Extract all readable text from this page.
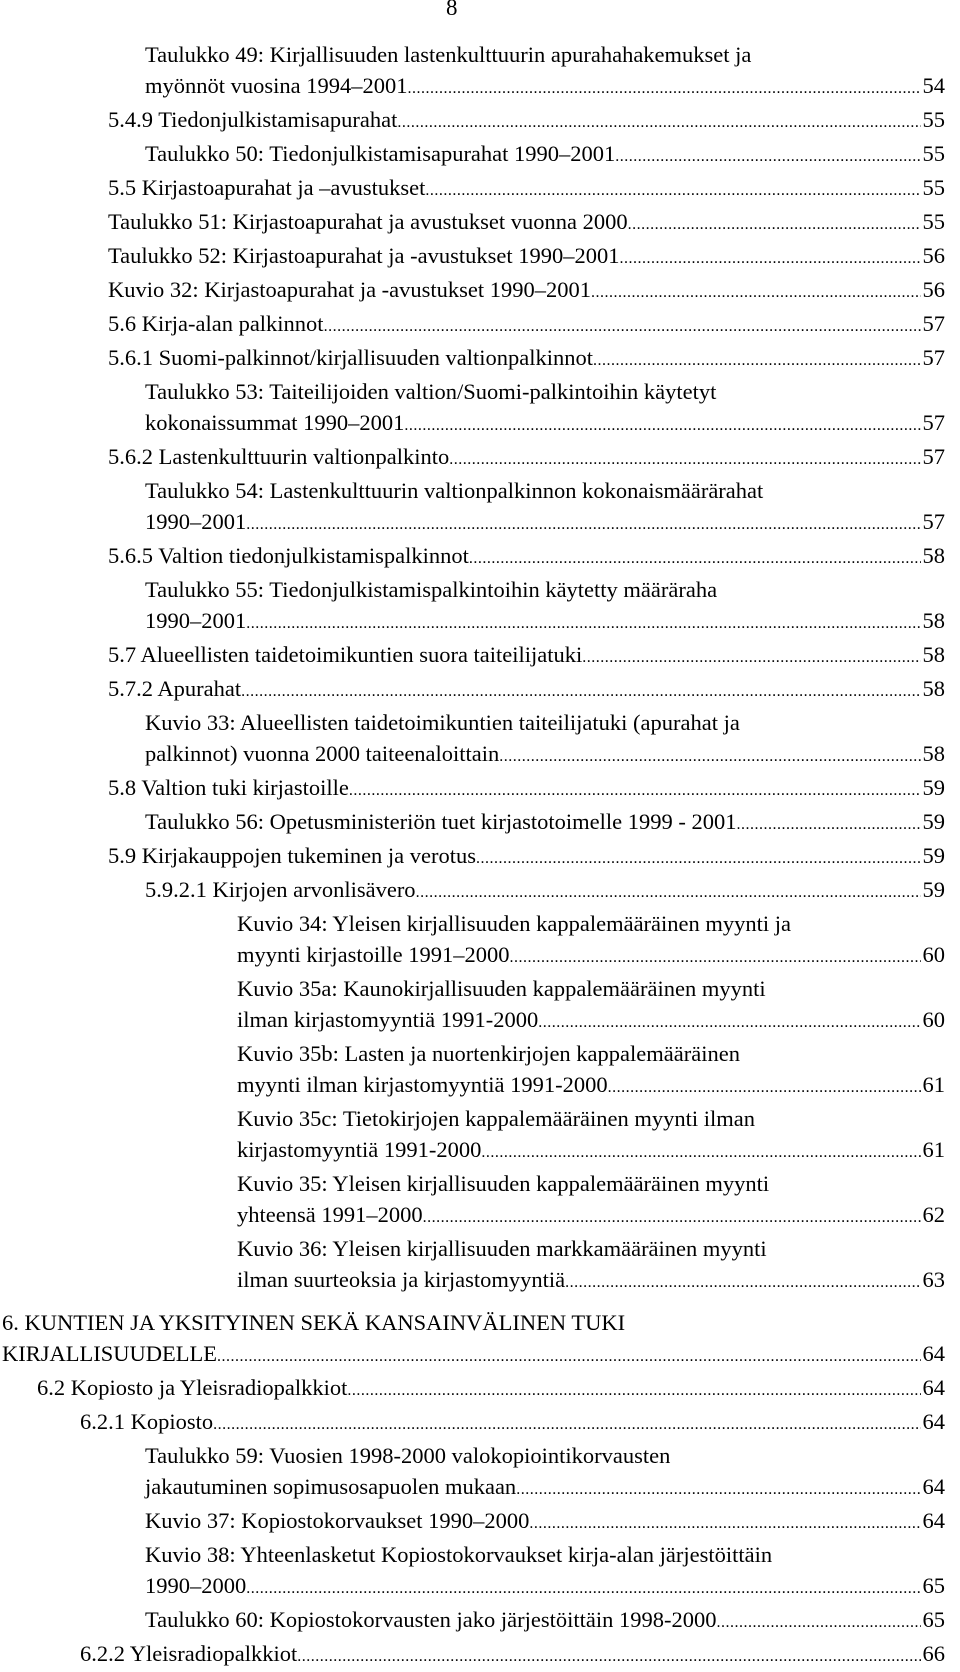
8
Taulukko 49: Kirjallisuuden lastenkulttuurin apurahahakemukset ja
myönnöt vuosina 1994–2001 .....	54
5.4.9 Tiedonjulkistamisapurahat .....	55
Taulukko 50: Tiedonjulkistamisapurahat 1990–2001 .....	55
5.5 Kirjastoapurahat ja –avustukset .....	55
Taulukko 51: Kirjastoapurahat ja avustukset vuonna 2000 .....	55
Taulukko 52: Kirjastoapurahat ja -avustukset 1990–2001 .....	56
Kuvio 32: Kirjastoapurahat ja -avustukset 1990–2001 .....	56
5.6 Kirja-alan palkinnot .....	57
5.6.1 Suomi-palkinnot/kirjallisuuden valtionpalkinnot .....	57
Taulukko 53: Taiteilijoiden valtion/Suomi-palkintoihin käytetyt
kokonaissummat 1990–2001 .....	57
5.6.2 Lastenkulttuurin valtionpalkinto .....	57
Taulukko 54: Lastenkulttuurin valtionpalkinnon kokonaismäärärahat
1990–2001 .....	57
5.6.5 Valtion tiedonjulkistamispalkinnot .....	58
Taulukko 55: Tiedonjulkistamispalkintoihin käytetty määräraha
1990–2001 .....	58
5.7 Alueellisten taidetoimikuntien suora taiteilijatuki .....	58
5.7.2 Apurahat .....	58
Kuvio 33: Alueellisten taidetoimikuntien taiteilijatuki (apurahat ja
palkinnot) vuonna 2000 taiteenaloittain .....	58
5.8 Valtion tuki kirjastoille .....	59
Taulukko 56: Opetusministeriön tuet kirjastotoimelle 1999 - 2001 .....	59
5.9 Kirjakauppojen tukeminen ja verotus .....	59
5.9.2.1 Kirjojen arvonlisävero .....	59
Kuvio 34: Yleisen kirjallisuuden kappalemääräinen myynti ja
myynti kirjastoille 1991–2000 .....	60
Kuvio 35a: Kaunokirjallisuuden kappalemääräinen myynti
ilman kirjastomyyntiä 1991-2000 .....	60
Kuvio 35b: Lasten ja nuortenkirjojen kappalemääräinen
myynti ilman kirjastomyyntiä 1991-2000 .....	61
Kuvio 35c: Tietokirjojen kappalemääräinen myynti ilman
kirjastomyyntiä 1991-2000 .....	61
Kuvio 35: Yleisen kirjallisuuden kappalemääräinen myynti
yhteensä 1991–2000 .....	62
Kuvio 36: Yleisen kirjallisuuden markkamääräinen myynti
ilman suurteoksia ja kirjastomyyntiä .....	63
6. KUNTIEN JA YKSITYINEN SEKÄ KANSAINVÄLINEN TUKI
KIRJALLISUUDELLE .....	64
6.2 Kopiosto ja Yleisradiopalkkiot .....	64
6.2.1 Kopiosto .....	64
Taulukko 59: Vuosien 1998-2000 valokopiointikorvausten
jakautuminen sopimusosapuolen mukaan .....	64
Kuvio 37: Kopiostokorvaukset 1990–2000 .....	64
Kuvio 38: Yhteenlasketut Kopiostokorvaukset kirja-alan järjestöittäin
1990–2000 .....	65
Taulukko 60: Kopiostokorvausten jako järjestöittäin 1998-2000 .....	65
6.2.2 Yleisradiopalkkiot .....	66
